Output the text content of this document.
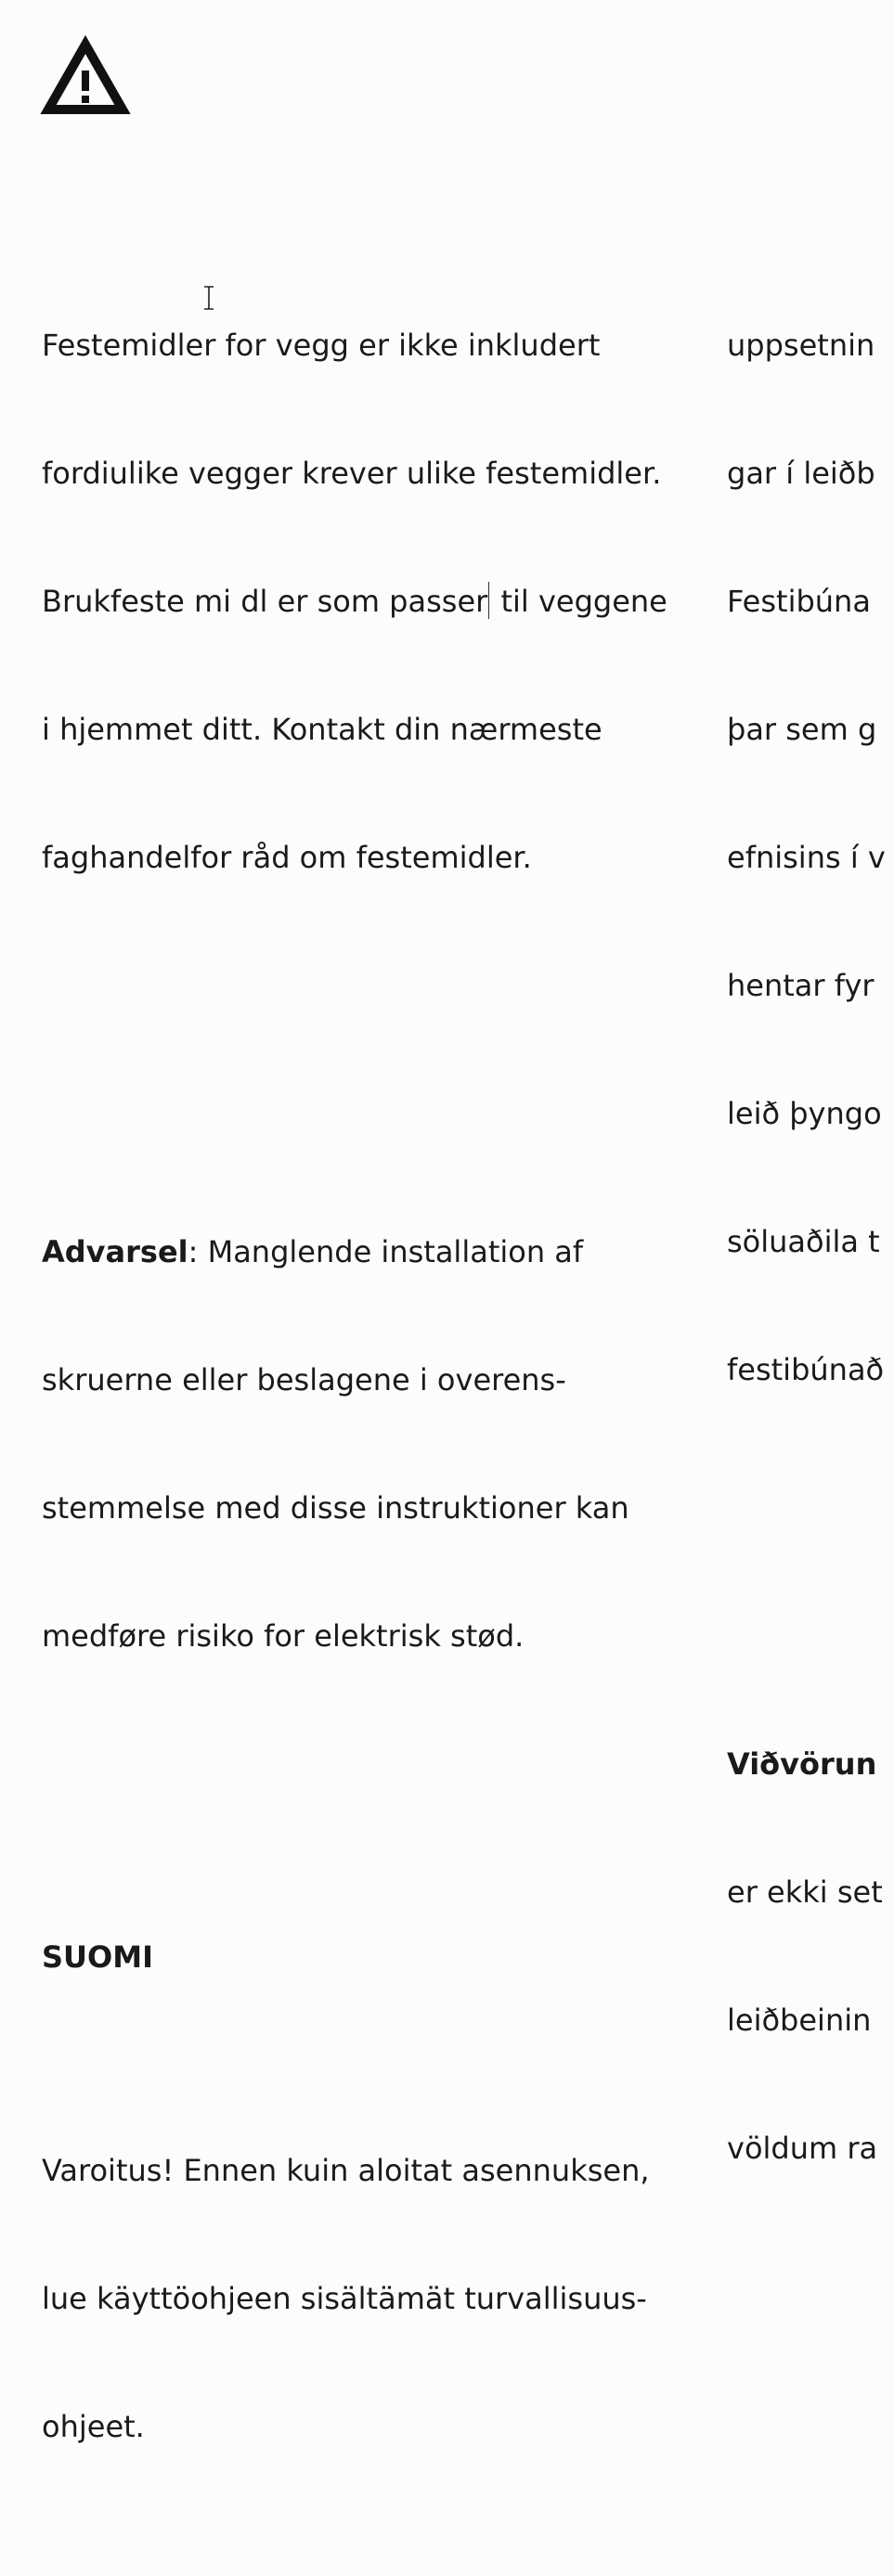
Festemidler for vegg er ikke inkludert

fordiulike vegger krever ulike festemidler.

Brukfeste mi dl er som passer til veggene

i hjemmet ditt. Kontakt din nærmeste

faghandelfor råd om festemidler.

Advarsel: Manglende installation af

skruerne eller beslagene i overens-

stemmelse med disse instruktioner kan

medføre risiko for elektrisk stød.

SUOMI

Varoitus! Ennen kuin aloitat asennuksen,

lue käyttöohjeen sisältämät turvallisuus-

ohjeet.

uppsetnin

gar í leiðb

Festibúna

þar sem g

efnisins í v

hentar fyr

leið þyngo

söluaðila t

festibúnað

Viðvörun

er ekki set

leiðbeinin

völdum ra
